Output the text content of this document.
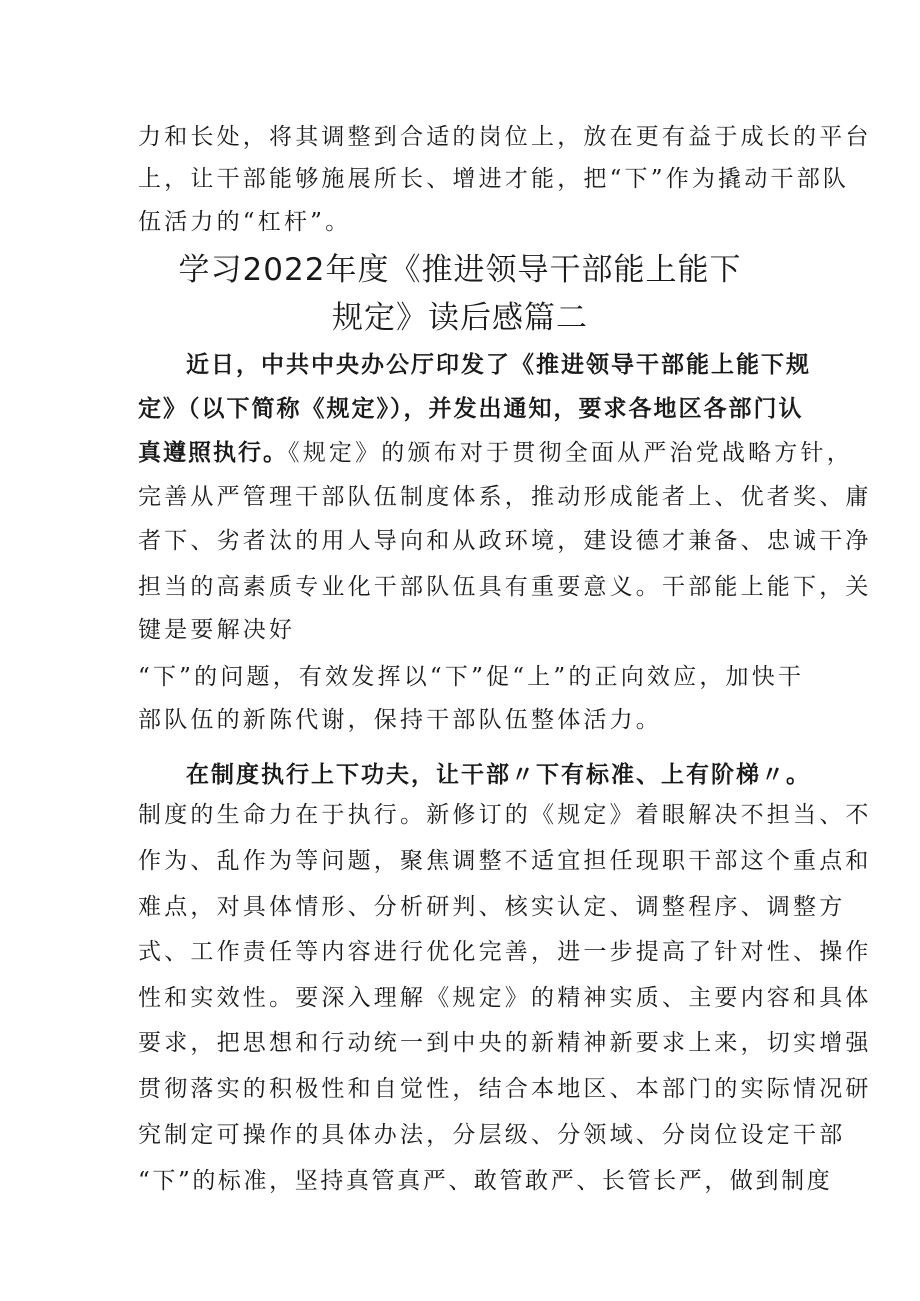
力和长处，将其调整到合适的岗位上，放在更有益于成长的平台
上，让干部能够施展所长、增进才能，把“下”作为撬动干部队
伍活力的“杠杆”。
学习2022年度《推进领导干部能上能下
规定》读后感篇二
近日，中共中央办公厅印发了《推进领导干部能上能下规
定》（以下简称《规定》），并发出通知，要求各地区各部门认
真遵照执行。《规定》的颁布对于贯彻全面从严治党战略方针，
完善从严管理干部队伍制度体系，推动形成能者上、优者奖、庸
者下、劣者汰的用人导向和从政环境，建设德才兼备、忠诚干净
担当的高素质专业化干部队伍具有重要意义。干部能上能下，关
键是要解决好
“下”的问题，有效发挥以“下”促“上”的正向效应，加快干
部队伍的新陈代谢，保持干部队伍整体活力。
在制度执行上下功夫，让干部〃下有标准、上有阶梯〃。
制度的生命力在于执行。新修订的《规定》着眼解决不担当、不
作为、乱作为等问题，聚焦调整不适宜担任现职干部这个重点和
难点，对具体情形、分析研判、核实认定、调整程序、调整方
式、工作责任等内容进行优化完善，进一步提高了针对性、操作
性和实效性。要深入理解《规定》的精神实质、主要内容和具体
要求，把思想和行动统一到中央的新精神新要求上来，切实增强
贯彻落实的积极性和自觉性，结合本地区、本部门的实际情况研
究制定可操作的具体办法，分层级、分领域、分岗位设定干部
“下”的标准，坚持真管真严、敢管敢严、长管长严，做到制度
